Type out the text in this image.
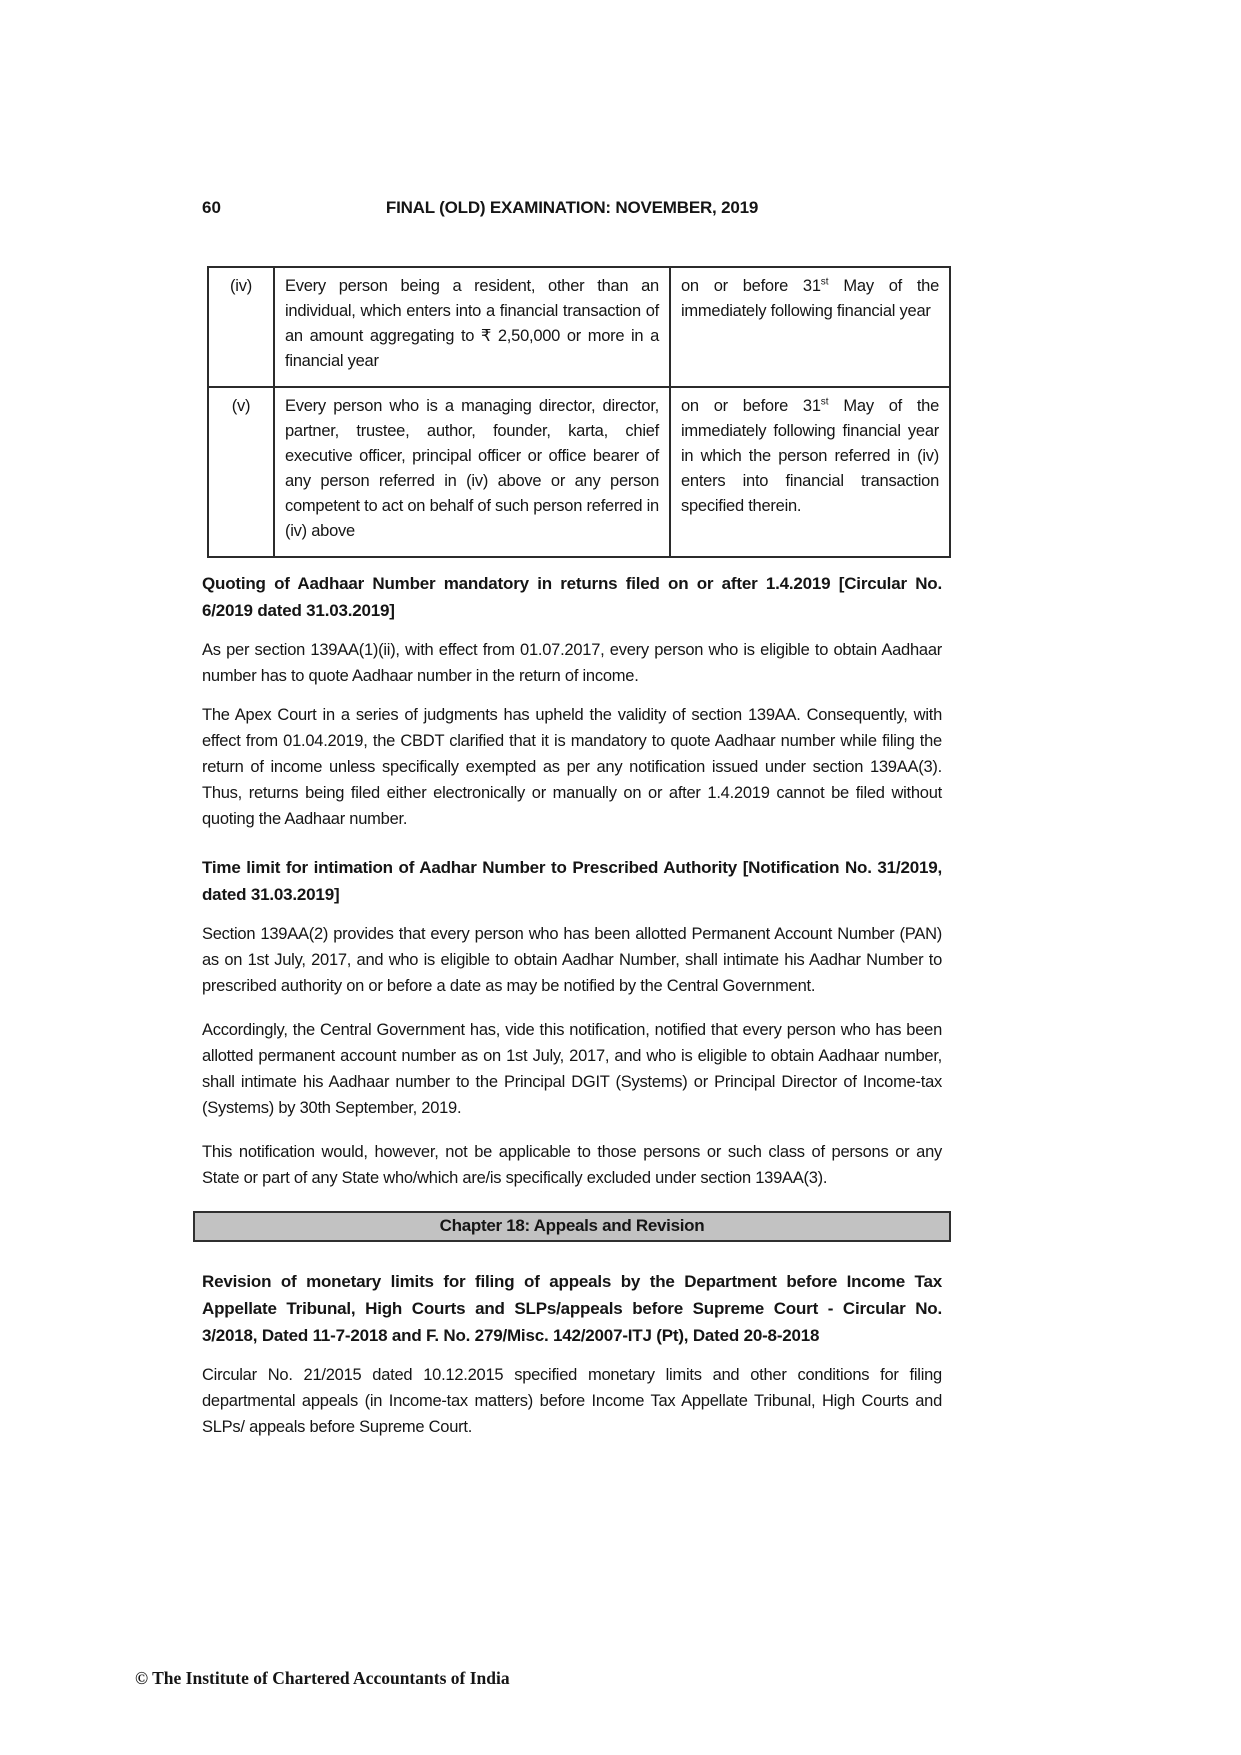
60	FINAL (OLD) EXAMINATION: NOVEMBER, 2019
(iv)	Every person being a resident, other than an individual, which enters into a financial transaction of an amount aggregating to ₹ 2,50,000 or more in a financial year	on or before 31st May of the immediately following financial year
(v)	Every person who is a managing director, director, partner, trustee, author, founder, karta, chief executive officer, principal officer or office bearer of any person referred in (iv) above or any person competent to act on behalf of such person referred in (iv) above	on or before 31st May of the immediately following financial year in which the person referred in (iv) enters into financial transaction specified therein.
Quoting of Aadhaar Number mandatory in returns filed on or after 1.4.2019 [Circular No. 6/2019 dated 31.03.2019]

As per section 139AA(1)(ii), with effect from 01.07.2017, every person who is eligible to obtain Aadhaar number has to quote Aadhaar number in the return of income.

The Apex Court in a series of judgments has upheld the validity of section 139AA. Consequently, with effect from 01.04.2019, the CBDT clarified that it is mandatory to quote Aadhaar number while filing the return of income unless specifically exempted as per any notification issued under section 139AA(3). Thus, returns being filed either electronically or manually on or after 1.4.2019 cannot be filed without quoting the Aadhaar number.

Time limit for intimation of Aadhar Number to Prescribed Authority [Notification No. 31/2019, dated 31.03.2019]

Section 139AA(2) provides that every person who has been allotted Permanent Account Number (PAN) as on 1st July, 2017, and who is eligible to obtain Aadhar Number, shall intimate his Aadhar Number to prescribed authority on or before a date as may be notified by the Central Government.

Accordingly, the Central Government has, vide this notification, notified that every person who has been allotted permanent account number as on 1st July, 2017, and who is eligible to obtain Aadhaar number, shall intimate his Aadhaar number to the Principal DGIT (Systems) or Principal Director of Income-tax (Systems) by 30th September, 2019.

This notification would, however, not be applicable to those persons or such class of persons or any State or part of any State who/which are/is specifically excluded under section 139AA(3).

Chapter 18: Appeals and Revision
Revision of monetary limits for filing of appeals by the Department before Income Tax Appellate Tribunal, High Courts and SLPs/appeals before Supreme Court - Circular No. 3/2018, Dated 11-7-2018 and F. No. 279/Misc. 142/2007-ITJ (Pt), Dated 20-8-2018

Circular No. 21/2015 dated 10.12.2015 specified monetary limits and other conditions for filing departmental appeals (in Income-tax matters) before Income Tax Appellate Tribunal, High Courts and SLPs/ appeals before Supreme Court.

© The Institute of Chartered Accountants of India
